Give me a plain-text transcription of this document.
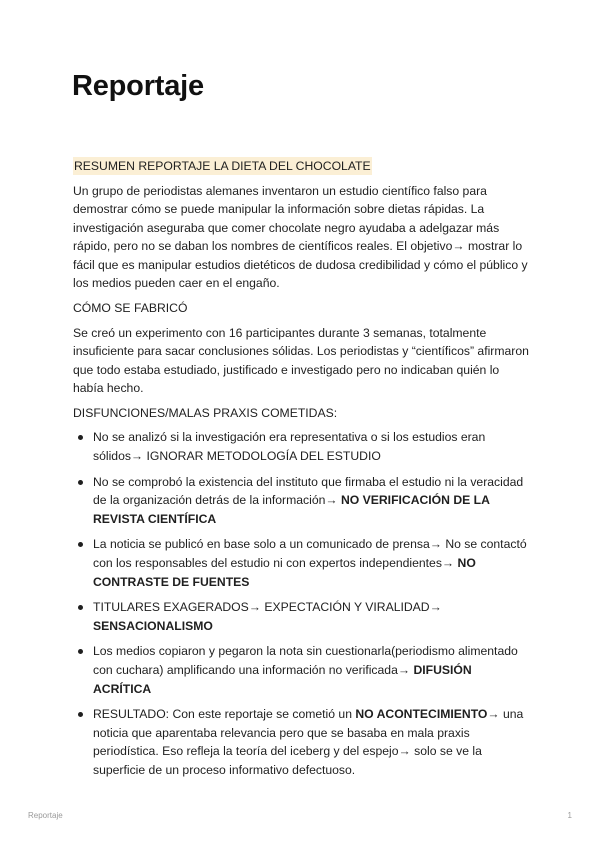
Reportaje

RESUMEN REPORTAJE LA DIETA DEL CHOCOLATE

Un grupo de periodistas alemanes inventaron un estudio científico falso para demostrar cómo se puede manipular la información sobre dietas rápidas. La investigación aseguraba que comer chocolate negro ayudaba a adelgazar más rápido, pero no se daban los nombres de científicos reales. El objetivo→ mostrar lo fácil que es manipular estudios dietéticos de dudosa credibilidad y cómo el público y los medios pueden caer en el engaño.

CÓMO SE FABRICÓ

Se creó un experimento con 16 participantes durante 3 semanas, totalmente insuficiente para sacar conclusiones sólidas. Los periodistas y “científicos” afirmaron que todo estaba estudiado, justificado e investigado pero no indicaban quién lo había hecho.

DISFUNCIONES/MALAS PRAXIS COMETIDAS:

No se analizó si la investigación era representativa o si los estudios eran sólidos→ IGNORAR METODOLOGÍA DEL ESTUDIO
No se comprobó la existencia del instituto que firmaba el estudio ni la veracidad de la organización detrás de la información→ NO VERIFICACIÓN DE LA REVISTA CIENTÍFICA
La noticia se publicó en base solo a un comunicado de prensa→ No se contactó con los responsables del estudio ni con expertos independientes→ NO CONTRASTE DE FUENTES
TITULARES EXAGERADOS→ EXPECTACIÓN Y VIRALIDAD→ SENSACIONALISMO
Los medios copiaron y pegaron la nota sin cuestionarla(periodismo alimentado con cuchara) amplificando una información no verificada→ DIFUSIÓN ACRÍTICA
RESULTADO: Con este reportaje se cometió un NO ACONTECIMIENTO→ una noticia que aparentaba relevancia pero que se basaba en mala praxis periodística. Eso refleja la teoría del iceberg y del espejo→ solo se ve la superficie de un proceso informativo defectuoso.
Reportaje	1
